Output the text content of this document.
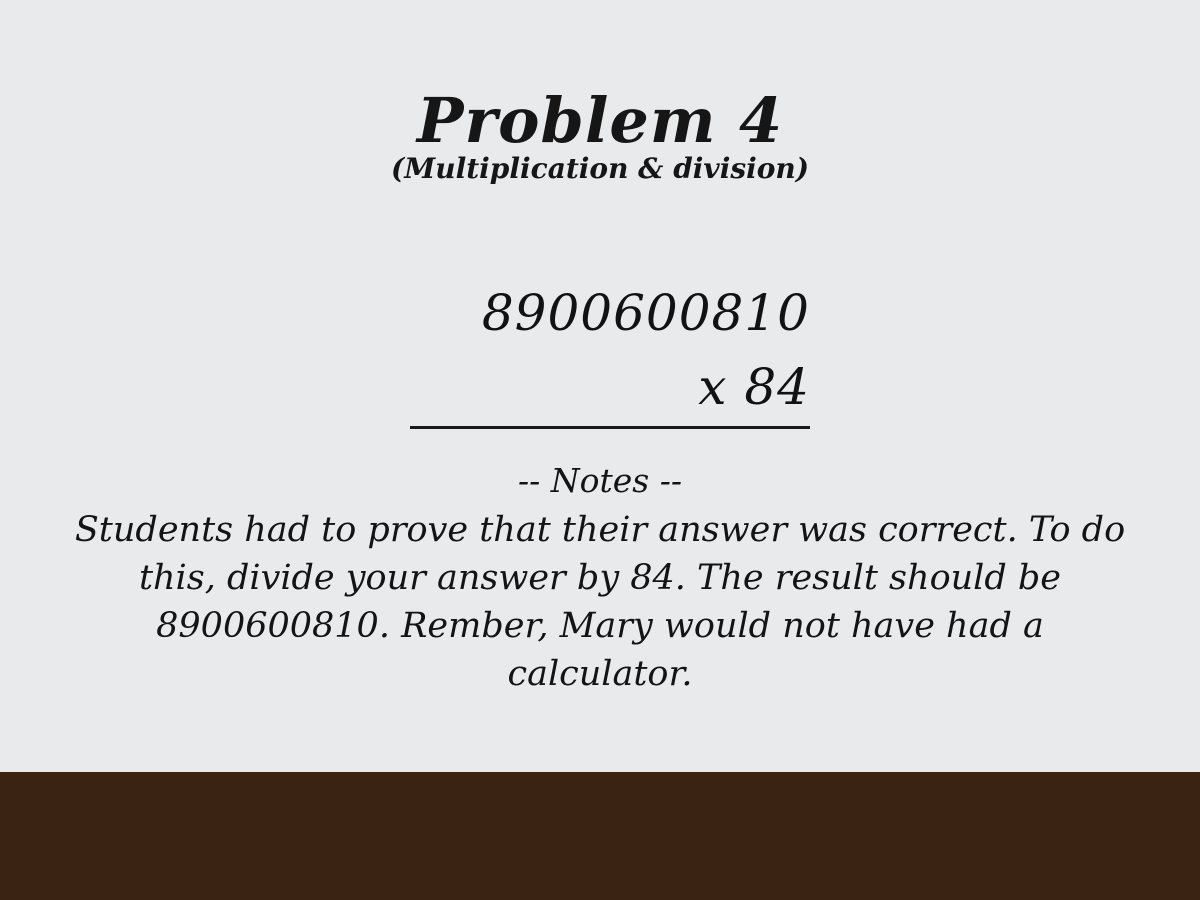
Problem 4
(Multiplication & division)
8900600810
x 84
-- Notes --
Students had to prove that their answer was correct. To do this, divide your answer by 84. The result should be 8900600810. Rember, Mary would not have had a calculator.
